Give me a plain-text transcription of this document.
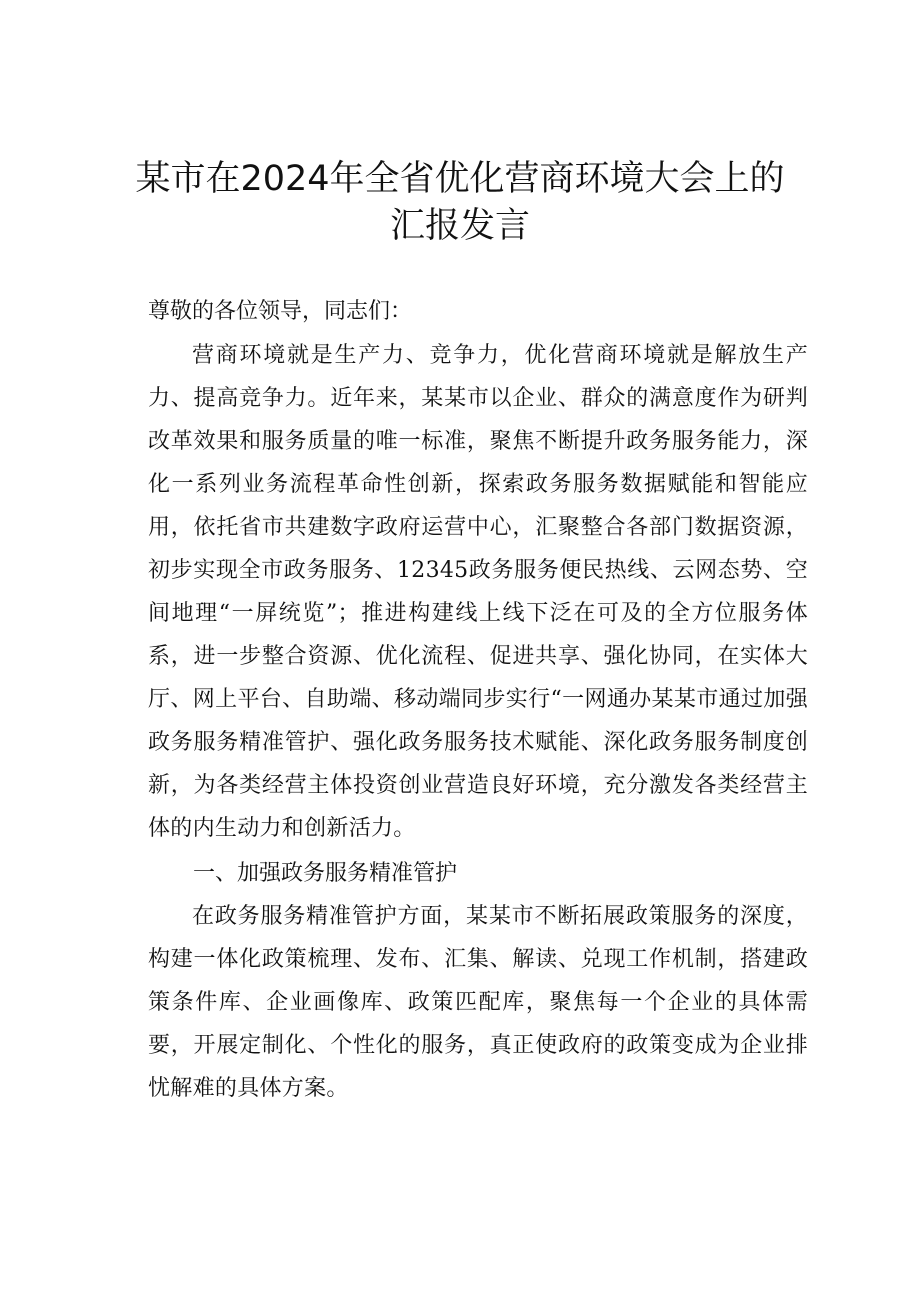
某市在2024年全省优化营商环境大会上的
汇报发言

尊敬的各位领导，同志们：

营商环境就是生产力、竞争力，优化营商环境就是解放生产力、提高竞争力。近年来，某某市以企业、群众的满意度作为研判改革效果和服务质量的唯一标准，聚焦不断提升政务服务能力，深化一系列业务流程革命性创新，探索政务服务数据赋能和智能应用，依托省市共建数字政府运营中心，汇聚整合各部门数据资源，初步实现全市政务服务、12345政务服务便民热线、云网态势、空间地理“一屏统览”；推进构建线上线下泛在可及的全方位服务体系，进一步整合资源、优化流程、促进共享、强化协同，在实体大厅、网上平台、自助端、移动端同步实行“一网通办某某市通过加强政务服务精准管护、强化政务服务技术赋能、深化政务服务制度创新，为各类经营主体投资创业营造良好环境，充分激发各类经营主体的内生动力和创新活力。

一、加强政务服务精准管护

在政务服务精准管护方面，某某市不断拓展政策服务的深度，构建一体化政策梳理、发布、汇集、解读、兑现工作机制，搭建政策条件库、企业画像库、政策匹配库，聚焦每一个企业的具体需要，开展定制化、个性化的服务，真正使政府的政策变成为企业排忧解难的具体方案。
